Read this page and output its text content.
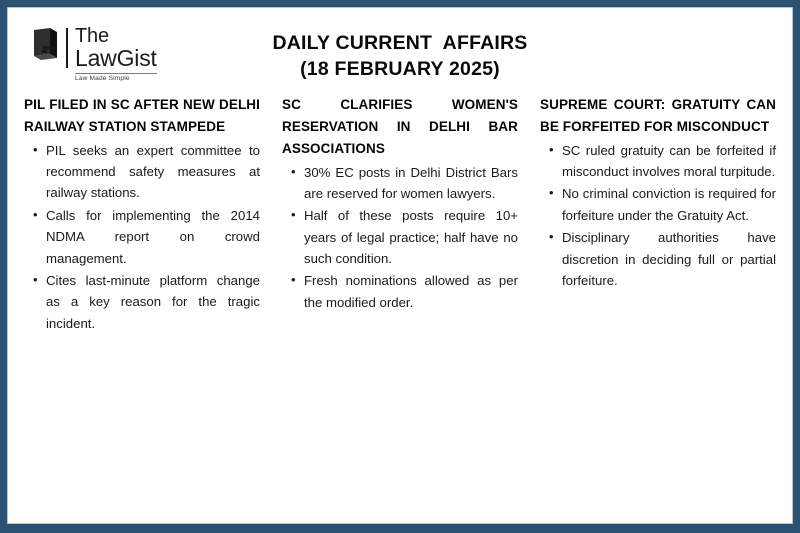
The
LawGist
Law Made Simple
DAILY CURRENT  AFFAIRS
(18 FEBRUARY 2025)
PIL FILED IN SC AFTER NEW DELHI RAILWAY STATION STAMPEDE
• PIL seeks an expert committee to recommend safety measures at railway stations.
• Calls for implementing the 2014 NDMA report on crowd management.
• Cites last-minute platform change as a key reason for the tragic incident.
SC CLARIFIES WOMEN'S RESERVATION IN DELHI BAR ASSOCIATIONS
• 30% EC posts in Delhi District Bars are reserved for women lawyers.
• Half of these posts require 10+ years of legal practice; half have no such condition.
• Fresh nominations allowed as per the modified order.
SUPREME COURT: GRATUITY CAN BE FORFEITED FOR MISCONDUCT
• SC ruled gratuity can be forfeited if misconduct involves moral turpitude.
• No criminal conviction is required for forfeiture under the Gratuity Act.
• Disciplinary authorities have discretion in deciding full or partial forfeiture.
